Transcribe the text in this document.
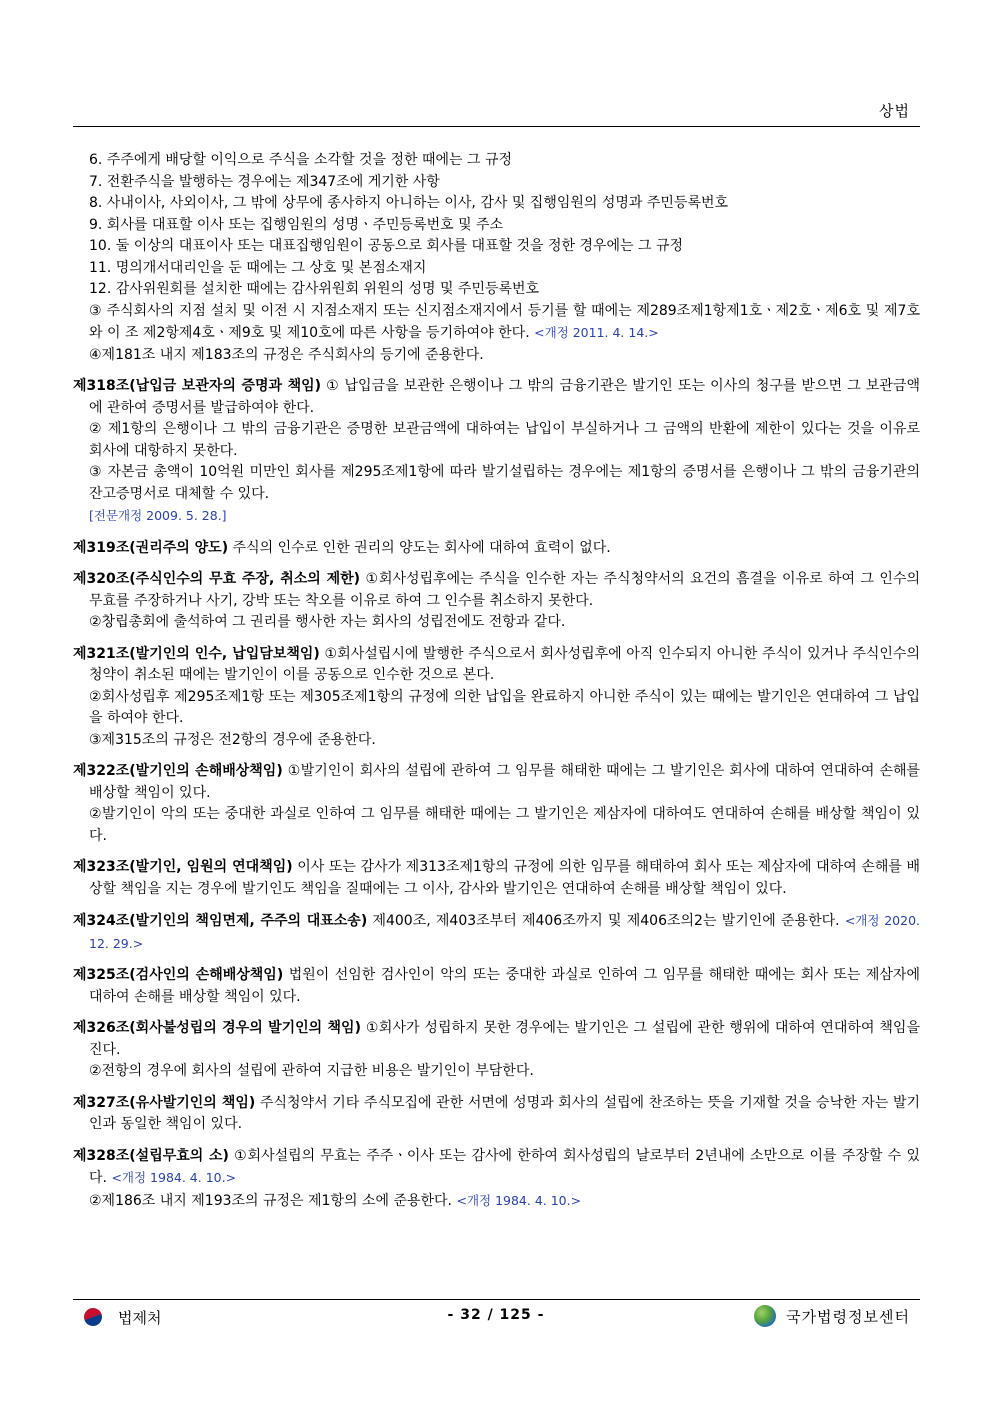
상법

6. 주주에게 배당할 이익으로 주식을 소각할 것을 정한 때에는 그 규정

7. 전환주식을 발행하는 경우에는 제347조에 게기한 사항

8. 사내이사, 사외이사, 그 밖에 상무에 종사하지 아니하는 이사, 감사 및 집행임원의 성명과 주민등록번호

9. 회사를 대표할 이사 또는 집행임원의 성명ㆍ주민등록번호 및 주소

10. 둘 이상의 대표이사 또는 대표집행임원이 공동으로 회사를 대표할 것을 정한 경우에는 그 규정

11. 명의개서대리인을 둔 때에는 그 상호 및 본점소재지

12. 감사위원회를 설치한 때에는 감사위원회 위원의 성명 및 주민등록번호

③ 주식회사의 지점 설치 및 이전 시 지점소재지 또는 신지점소재지에서 등기를 할 때에는 제289조제1항제1호ㆍ제2호ㆍ제6호 및 제7호와 이 조 제2항제4호ㆍ제9호 및 제10호에 따른 사항을 등기하여야 한다. <개정 2011. 4. 14.>

④제181조 내지 제183조의 규정은 주식회사의 등기에 준용한다.

제318조(납입금 보관자의 증명과 책임) ① 납입금을 보관한 은행이나 그 밖의 금융기관은 발기인 또는 이사의 청구를 받으면 그 보관금액에 관하여 증명서를 발급하여야 한다.

② 제1항의 은행이나 그 밖의 금융기관은 증명한 보관금액에 대하여는 납입이 부실하거나 그 금액의 반환에 제한이 있다는 것을 이유로 회사에 대항하지 못한다.

③ 자본금 총액이 10억원 미만인 회사를 제295조제1항에 따라 발기설립하는 경우에는 제1항의 증명서를 은행이나 그 밖의 금융기관의 잔고증명서로 대체할 수 있다.

[전문개정 2009. 5. 28.]

제319조(권리주의 양도) 주식의 인수로 인한 권리의 양도는 회사에 대하여 효력이 없다.

제320조(주식인수의 무효 주장, 취소의 제한) ①회사성립후에는 주식을 인수한 자는 주식청약서의 요건의 흠결을 이유로 하여 그 인수의 무효를 주장하거나 사기, 강박 또는 착오를 이유로 하여 그 인수를 취소하지 못한다.

②창립총회에 출석하여 그 권리를 행사한 자는 회사의 성립전에도 전항과 같다.

제321조(발기인의 인수, 납입담보책임) ①회사설립시에 발행한 주식으로서 회사성립후에 아직 인수되지 아니한 주식이 있거나 주식인수의 청약이 취소된 때에는 발기인이 이를 공동으로 인수한 것으로 본다.

②회사성립후 제295조제1항 또는 제305조제1항의 규정에 의한 납입을 완료하지 아니한 주식이 있는 때에는 발기인은 연대하여 그 납입을 하여야 한다.

③제315조의 규정은 전2항의 경우에 준용한다.

제322조(발기인의 손해배상책임) ①발기인이 회사의 설립에 관하여 그 임무를 해태한 때에는 그 발기인은 회사에 대하여 연대하여 손해를 배상할 책임이 있다.

②발기인이 악의 또는 중대한 과실로 인하여 그 임무를 해태한 때에는 그 발기인은 제삼자에 대하여도 연대하여 손해를 배상할 책임이 있다.

제323조(발기인, 임원의 연대책임) 이사 또는 감사가 제313조제1항의 규정에 의한 임무를 해태하여 회사 또는 제삼자에 대하여 손해를 배상할 책임을 지는 경우에 발기인도 책임을 질때에는 그 이사, 감사와 발기인은 연대하여 손해를 배상할 책임이 있다.

제324조(발기인의 책임면제, 주주의 대표소송) 제400조, 제403조부터 제406조까지 및 제406조의2는 발기인에 준용한다. <개정 2020. 12. 29.>

제325조(검사인의 손해배상책임) 법원이 선임한 검사인이 악의 또는 중대한 과실로 인하여 그 임무를 해태한 때에는 회사 또는 제삼자에 대하여 손해를 배상할 책임이 있다.

제326조(회사불성립의 경우의 발기인의 책임) ①회사가 성립하지 못한 경우에는 발기인은 그 설립에 관한 행위에 대하여 연대하여 책임을 진다.

②전항의 경우에 회사의 설립에 관하여 지급한 비용은 발기인이 부담한다.

제327조(유사발기인의 책임) 주식청약서 기타 주식모집에 관한 서면에 성명과 회사의 설립에 찬조하는 뜻을 기재할 것을 승낙한 자는 발기인과 동일한 책임이 있다.

제328조(설립무효의 소) ①회사설립의 무효는 주주ㆍ이사 또는 감사에 한하여 회사성립의 날로부터 2년내에 소만으로 이를 주장할 수 있다. <개정 1984. 4. 10.>

②제186조 내지 제193조의 규정은 제1항의 소에 준용한다. <개정 1984. 4. 10.>

법제처	- 32 / 125 -	국가법령정보센터
